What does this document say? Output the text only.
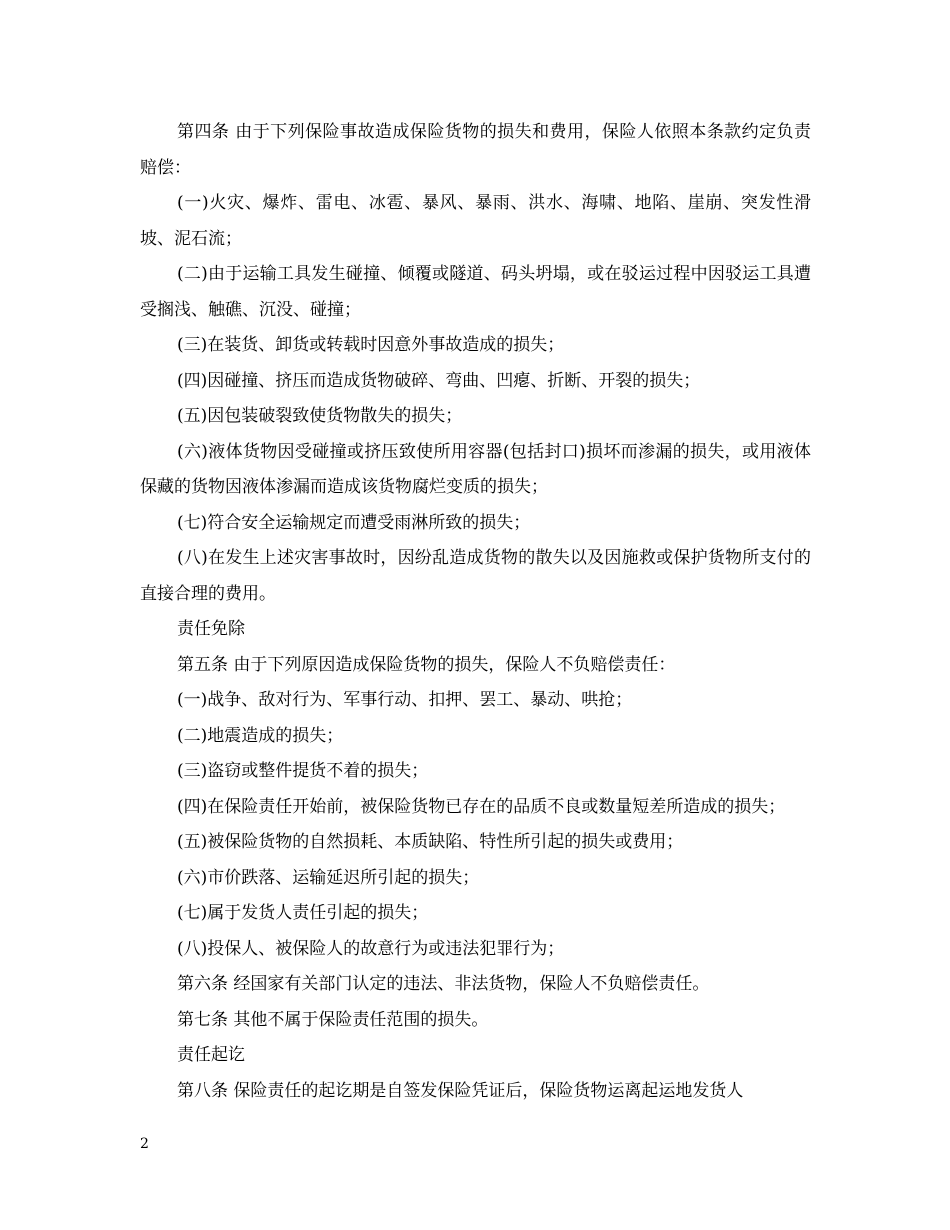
第四条 由于下列保险事故造成保险货物的损失和费用，保险人依照本条款约定负责赔偿：

(一)火灾、爆炸、雷电、冰雹、暴风、暴雨、洪水、海啸、地陷、崖崩、突发性滑坡、泥石流；

(二)由于运输工具发生碰撞、倾覆或隧道、码头坍塌，或在驳运过程中因驳运工具遭受搁浅、触礁、沉没、碰撞；

(三)在装货、卸货或转载时因意外事故造成的损失；

(四)因碰撞、挤压而造成货物破碎、弯曲、凹瘪、折断、开裂的损失；

(五)因包装破裂致使货物散失的损失；

(六)液体货物因受碰撞或挤压致使所用容器(包括封口)损坏而渗漏的损失，或用液体保藏的货物因液体渗漏而造成该货物腐烂变质的损失；

(七)符合安全运输规定而遭受雨淋所致的损失；

(八)在发生上述灾害事故时，因纷乱造成货物的散失以及因施救或保护货物所支付的直接合理的费用。

责任免除

第五条 由于下列原因造成保险货物的损失，保险人不负赔偿责任：

(一)战争、敌对行为、军事行动、扣押、罢工、暴动、哄抢；

(二)地震造成的损失；

(三)盗窃或整件提货不着的损失；

(四)在保险责任开始前，被保险货物已存在的品质不良或数量短差所造成的损失；

(五)被保险货物的自然损耗、本质缺陷、特性所引起的损失或费用；

(六)市价跌落、运输延迟所引起的损失；

(七)属于发货人责任引起的损失；

(八)投保人、被保险人的故意行为或违法犯罪行为；

第六条 经国家有关部门认定的违法、非法货物，保险人不负赔偿责任。

第七条 其他不属于保险责任范围的损失。

责任起讫

第八条 保险责任的起讫期是自签发保险凭证后，保险货物运离起运地发货人

2
